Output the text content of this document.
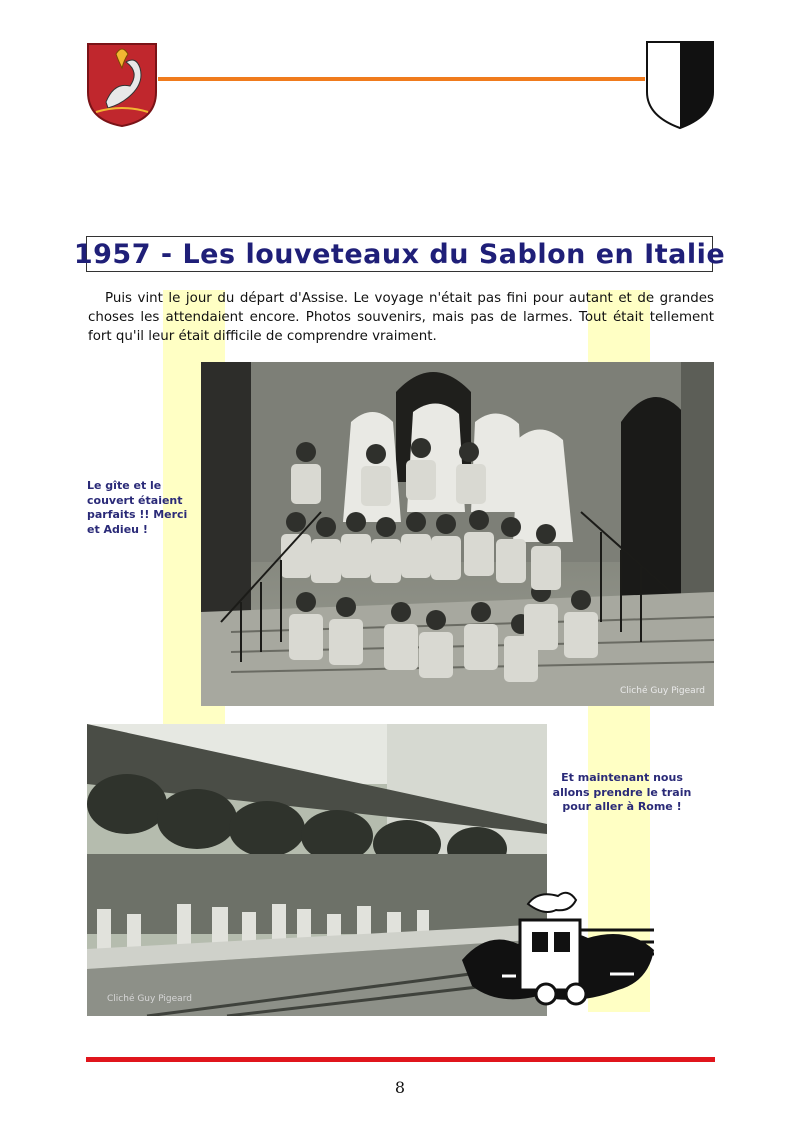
1957 - Les louveteaux du Sablon en Italie
Puis vint le jour du départ d'Assise. Le voyage n'était pas fini pour autant et de grandes choses les attendaient encore. Photos souvenirs, mais pas de larmes. Tout était tellement fort qu'il leur était difficile de comprendre vraiment.
Cliché Guy Pigeard
Le gîte et le couvert étaient parfaits !! Merci et Adieu !
Et maintenant nous allons prendre le train pour aller à Rome !
Cliché Guy Pigeard
8
